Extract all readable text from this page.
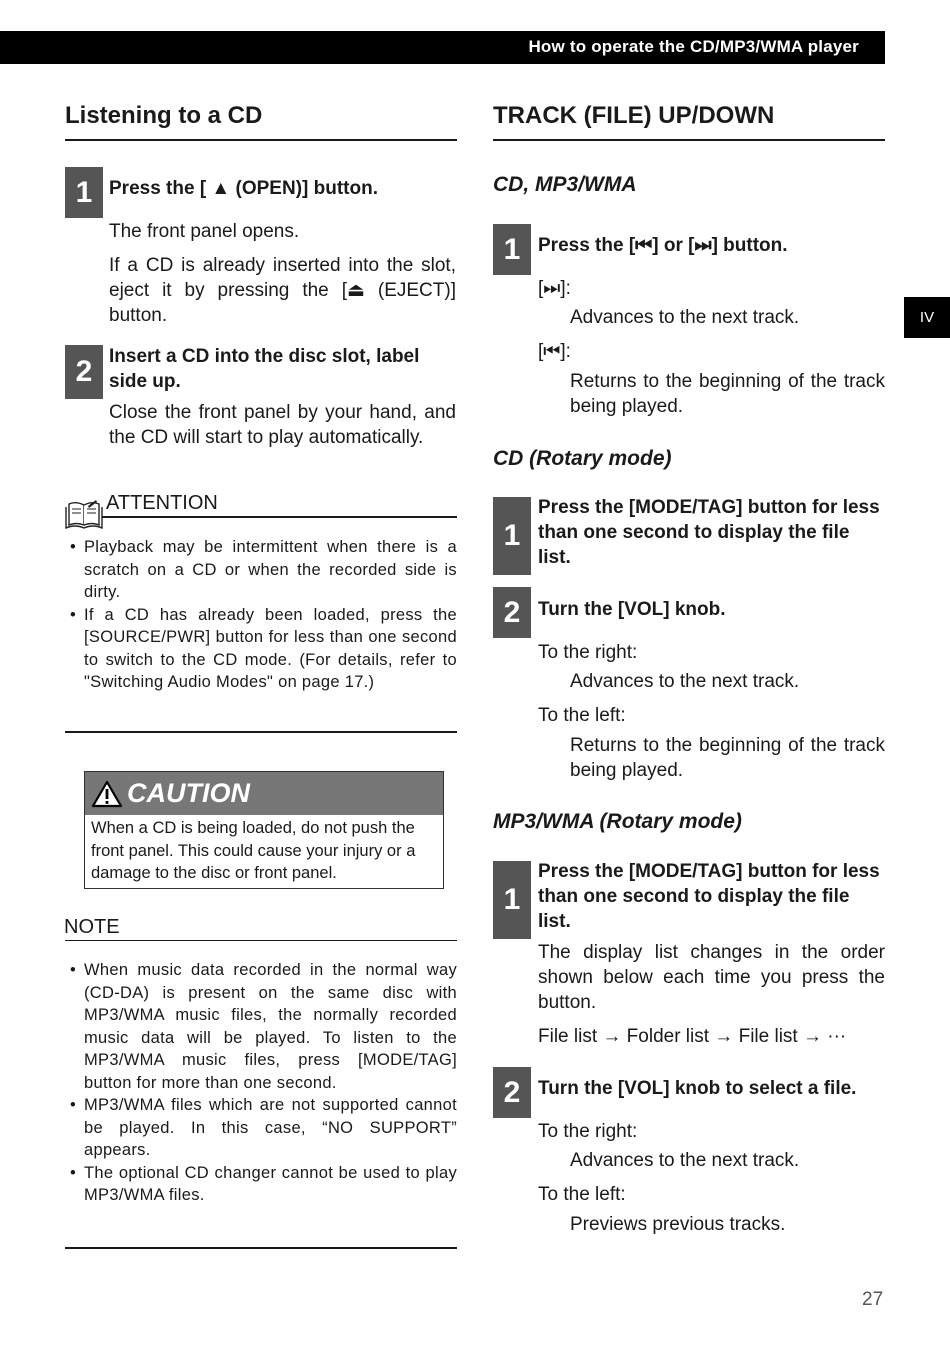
How to operate the CD/MP3/WMA player
IV
Listening to a CD
1 Press the [ ▲ (OPEN)] button.
The front panel opens.
If a CD is already inserted into the slot, eject it by pressing the [⏏ (EJECT)] button.
2 Insert a CD into the disc slot, label side up.
Close the front panel by your hand, and the CD will start to play automatically.
ATTENTION
• Playback may be intermittent when there is a scratch on a CD or when the recorded side is dirty.
• If a CD has already been loaded, press the [SOURCE/PWR] button for less than one second to switch to the CD mode. (For details, refer to "Switching Audio Modes" on page 17.)
CAUTION
When a CD is being loaded, do not push the front panel. This could cause your injury or a damage to the disc or front panel.
NOTE
• When music data recorded in the normal way (CD-DA) is present on the same disc with MP3/WMA music files, the normally recorded music data will be played. To listen to the MP3/WMA music files, press [MODE/TAG] button for more than one second.
• MP3/WMA files which are not supported cannot be played. In this case, “NO SUPPORT” appears.
• The optional CD changer cannot be used to play MP3/WMA files.
TRACK (FILE) UP/DOWN
CD, MP3/WMA
1 Press the [⏮] or [⏭] button.
[⏭]:
Advances to the next track.
[⏮]:
Returns to the beginning of the track being played.
CD (Rotary mode)
1
Press the [MODE/TAG] button for less than one second to display the file list.
2 Turn the [VOL] knob.
To the right:
Advances to the next track.
To the left:
Returns to the beginning of the track being played.
MP3/WMA (Rotary mode)
1
Press the [MODE/TAG] button for less than one second to display the file list.
The display list changes in the order shown below each time you press the button.
File list → Folder list → File list → ···
2 Turn the [VOL] knob to select a file.
To the right:
Advances to the next track.
To the left:
Previews previous tracks.
27
